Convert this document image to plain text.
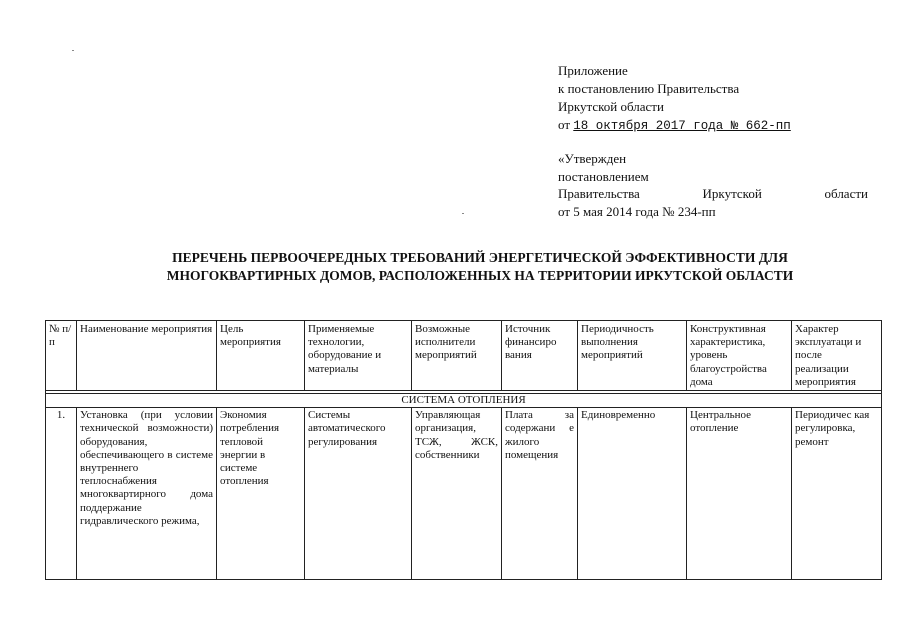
Приложение
к постановлению Правительства
Иркутской области
от 18 октября 2017 года № 662-пп
«Утвержден
постановлением
Правительства	Иркутской	области
от 5 мая 2014 года № 234-пп
ПЕРЕЧЕНЬ ПЕРВООЧЕРЕДНЫХ ТРЕБОВАНИЙ ЭНЕРГЕТИЧЕСКОЙ ЭФФЕКТИВНОСТИ ДЛЯ
МНОГОКВАРТИРНЫХ ДОМОВ, РАСПОЛОЖЕННЫХ НА ТЕРРИТОРИИ ИРКУТСКОЙ ОБЛАСТИ
№ п/п	Наименование мероприятия	Цель мероприятия	Применяемые технологии, оборудование и материалы	Возможные исполнители мероприятий	Источник финансиро вания	Периодичность выполнения мероприятий	Конструктивная характеристика, уровень благоустройства дома	Характер эксплуатаци и после реализации мероприятия

СИСТЕМА ОТОПЛЕНИЯ								
1.	Установка (при условии технической возможности) оборудования, обеспечивающего в системе внутреннего теплоснабжения многоквартирного дома поддержание гидравлического режима,	Экономия потребления тепловой энергии в системе отопления	Системы автоматического регулирования	Управляющая организация, ТСЖ, ЖСК, собственники	Плата за содержани е жилого помещения	Единовременно	Центральное отопление	Периодичес кая регулировка, ремонт
